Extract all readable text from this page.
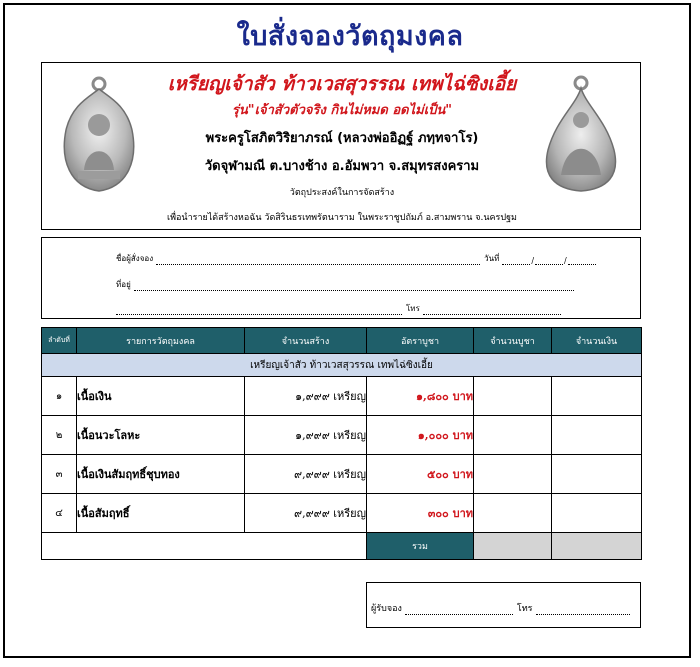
ใบสั่งจองวัตถุมงคล
เหรียญเจ้าสัว ท้าวเวสสุวรรณ เทพไฉ่ซิงเอี้ย
รุ่น"เจ้าสัวตัวจริง กินไม่หมด อดไม่เป็น"
พระครูโสภิตวิริยาภรณ์ (หลวงพ่ออิฏฐ์ ภทฺทจาโร)
วัดจุฬามณี ต.บางช้าง อ.อัมพวา จ.สมุทรสงคราม
วัตถุประสงค์ในการจัดสร้าง
เพื่อนำรายได้สร้างหอฉัน วัดสิรินธรเทพรัตนาราม ในพระราชูปถัมภ์ อ.สามพราน จ.นครปฐม
ชื่อผู้สั่งจอง	วันที่	/	/
ที่อยู่
โทร
ลำดับที่	รายการวัตถุมงคล	จำนวนสร้าง	อัตราบูชา	จำนวนบูชา	จำนวนเงิน
เหรียญเจ้าสัว ท้าวเวสสุวรรณ เทพไฉ่ซิงเอี้ย					
๑	เนื้อเงิน	๑,๙๙๙ เหรียญ	๑,๘๐๐ บาท		
๒	เนื้อนวะโลหะ	๑,๙๙๙ เหรียญ	๑,๐๐๐ บาท		
๓	เนื้อเงินสัมฤทธิ์ชุบทอง	๙,๙๙๙ เหรียญ	๕๐๐ บาท		
๔	เนื้อสัมฤทธิ์	๙,๙๙๙ เหรียญ	๓๐๐ บาท		
			รวม		
ผู้รับจอง	โทร
